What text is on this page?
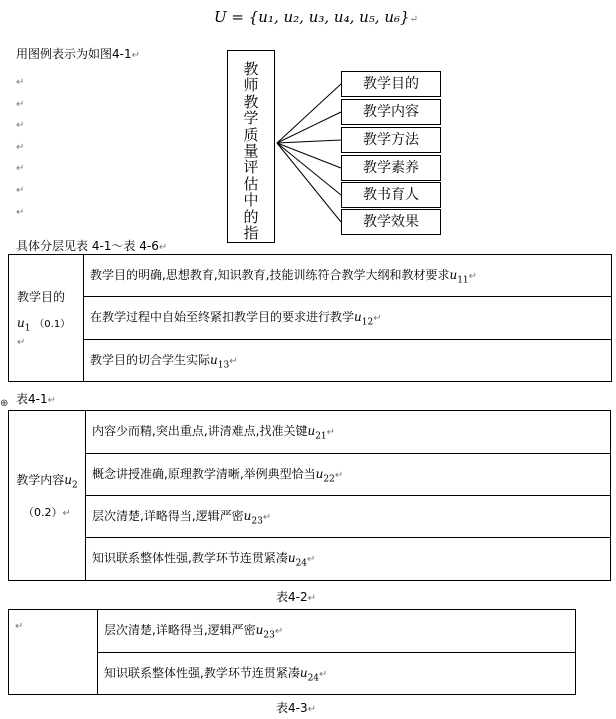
U = {u₁, u₂, u₃, u₄, u₅, u₆}↵
用图例表示为如图4-1↵
↵
↵
↵
↵
↵
↵
↵
教
师
教
学
质
量
评
估
中
的
指
教学目的
教学内容
教学方法
教学素养
教书育人
教学效果
具体分层见表 4-1～表 4-6↵
教学目的
$u_1$ （0.1）↵
	教学目的明确,思想教育,知识教育,技能训练符合教学大纲和教材要求$u_{11}↵$
在教学过程中自始至终紧扣教学目的要求进行教学$u_{12}↵$
教学目的切合学生实际$u_{13}↵$
表4-1↵
⊕
教学内容$u_2$
（0.2）↵
	内容少而精,突出重点,讲清难点,找准关键$u_{21}↵$
概念讲授准确,原理教学清晰,举例典型恰当$u_{22}↵$
层次清楚,详略得当,逻辑严密$u_{23}↵$
知识联系整体性强,教学环节连贯紧凑$u_{24}↵$
表4-2↵
↵	层次清楚,详略得当,逻辑严密$u_{23}↵$
知识联系整体性强,教学环节连贯紧凑$u_{24}↵$
表4-3↵
